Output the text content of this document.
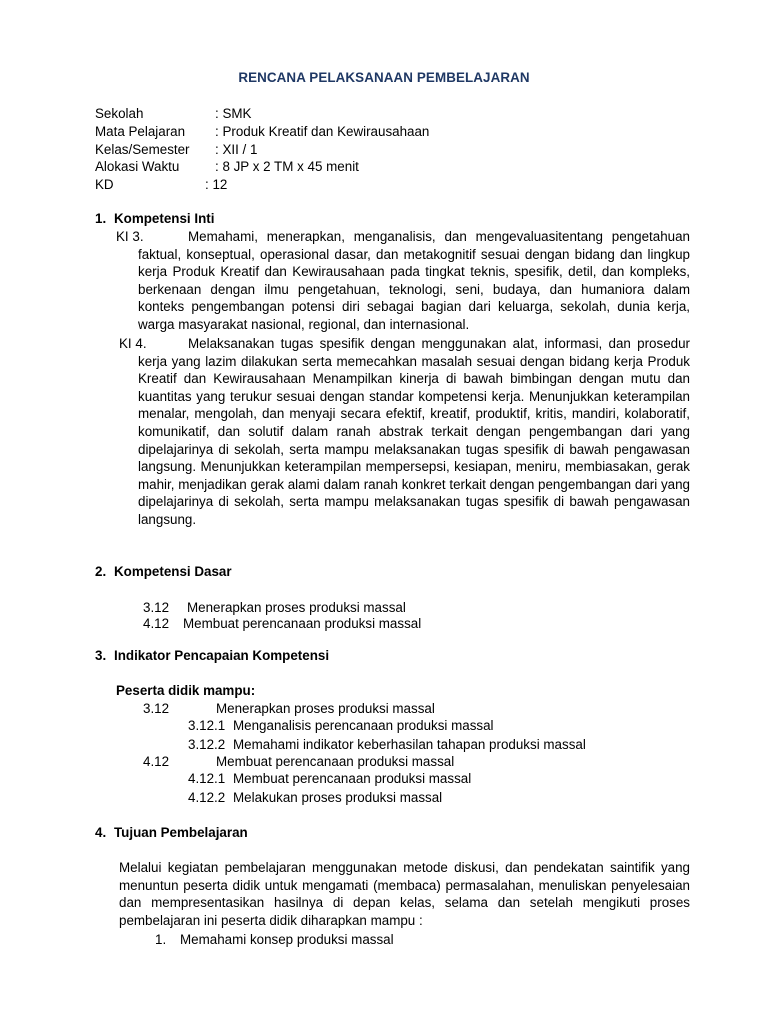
RENCANA PELAKSANAAN PEMBELAJARAN
Sekolah	: SMK
Mata Pelajaran : Produk Kreatif dan Kewirausahaan
Kelas/Semester : XII / 1
Alokasi Waktu	: 8 JP x 2 TM x 45 menit
KD	: 12
1. Kompetensi Inti
KI 3.	Memahami, menerapkan, menganalisis, dan mengevaluasitentang pengetahuan faktual, konseptual, operasional dasar, dan metakognitif sesuai dengan bidang dan lingkup kerja Produk Kreatif dan Kewirausahaan pada tingkat teknis, spesifik, detil, dan kompleks, berkenaan dengan ilmu pengetahuan, teknologi, seni, budaya, dan humaniora dalam konteks pengembangan potensi diri sebagai bagian dari keluarga, sekolah, dunia kerja, warga masyarakat nasional, regional, dan internasional.
KI 4.	Melaksanakan tugas spesifik dengan menggunakan alat, informasi, dan prosedur kerja yang lazim dilakukan serta memecahkan masalah sesuai dengan bidang kerja Produk Kreatif dan Kewirausahaan Menampilkan kinerja di bawah bimbingan dengan mutu dan kuantitas yang terukur sesuai dengan standar kompetensi kerja. Menunjukkan keterampilan menalar, mengolah, dan menyaji secara efektif, kreatif, produktif, kritis, mandiri, kolaboratif, komunikatif, dan solutif dalam ranah abstrak terkait dengan pengembangan dari yang dipelajarinya di sekolah, serta mampu melaksanakan tugas spesifik di bawah pengawasan langsung. Menunjukkan keterampilan mempersepsi, kesiapan, meniru, membiasakan, gerak mahir, menjadikan gerak alami dalam ranah konkret terkait dengan pengembangan dari yang dipelajarinya di sekolah, serta mampu melaksanakan tugas spesifik di bawah pengawasan langsung.
2. Kompetensi Dasar
3.12 Menerapkan proses produksi massal
4.12 Membuat perencanaan produksi massal
3. Indikator Pencapaian Kompetensi
Peserta didik mampu:
3.12	Menerapkan proses produksi massal
3.12.1 Menganalisis perencanaan produksi massal
3.12.2 Memahami indikator keberhasilan tahapan produksi massal
4.12	Membuat perencanaan produksi massal
4.12.1 Membuat perencanaan produksi massal
4.12.2 Melakukan proses produksi massal
4. Tujuan Pembelajaran
Melalui kegiatan pembelajaran menggunakan metode diskusi, dan pendekatan saintifik yang menuntun peserta didik untuk mengamati (membaca) permasalahan, menuliskan penyelesaian dan mempresentasikan hasilnya di depan kelas, selama dan setelah mengikuti proses pembelajaran ini peserta didik diharapkan mampu :
1. Memahami konsep produksi massal
